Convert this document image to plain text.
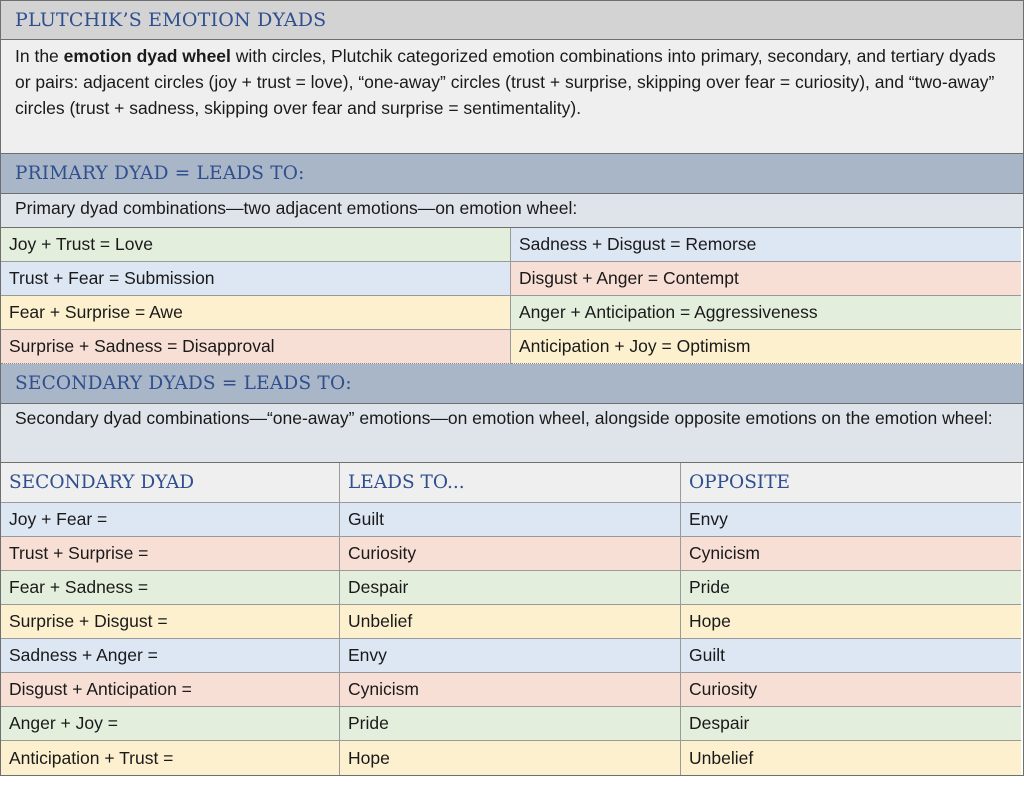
PLUTCHIK’S EMOTION DYADS
In the emotion dyad wheel with circles, Plutchik categorized emotion combinations into primary, secondary, and tertiary dyads or pairs: adjacent circles (joy + trust = love), “one-away” circles (trust + surprise, skipping over fear = curiosity), and “two-away” circles (trust + sadness, skipping over fear and surprise = sentimentality).
PRIMARY DYAD = LEADS TO:
Primary dyad combinations—two adjacent emotions—on emotion wheel:
Joy + Trust = Love	Sadness + Disgust = Remorse
Trust + Fear = Submission	Disgust + Anger = Contempt
Fear + Surprise = Awe	Anger + Anticipation = Aggressiveness
Surprise + Sadness = Disapproval	Anticipation + Joy = Optimism
SECONDARY DYADS = LEADS TO:
Secondary dyad combinations—“one-away” emotions—on emotion wheel, alongside opposite emotions on the emotion wheel:
SECONDARY DYAD	LEADS TO...	OPPOSITE
Joy + Fear =	Guilt	Envy
Trust + Surprise =	Curiosity	Cynicism
Fear + Sadness =	Despair	Pride
Surprise + Disgust =	Unbelief	Hope
Sadness + Anger =	Envy	Guilt
Disgust + Anticipation =	Cynicism	Curiosity
Anger + Joy =	Pride	Despair
Anticipation + Trust =	Hope	Unbelief
